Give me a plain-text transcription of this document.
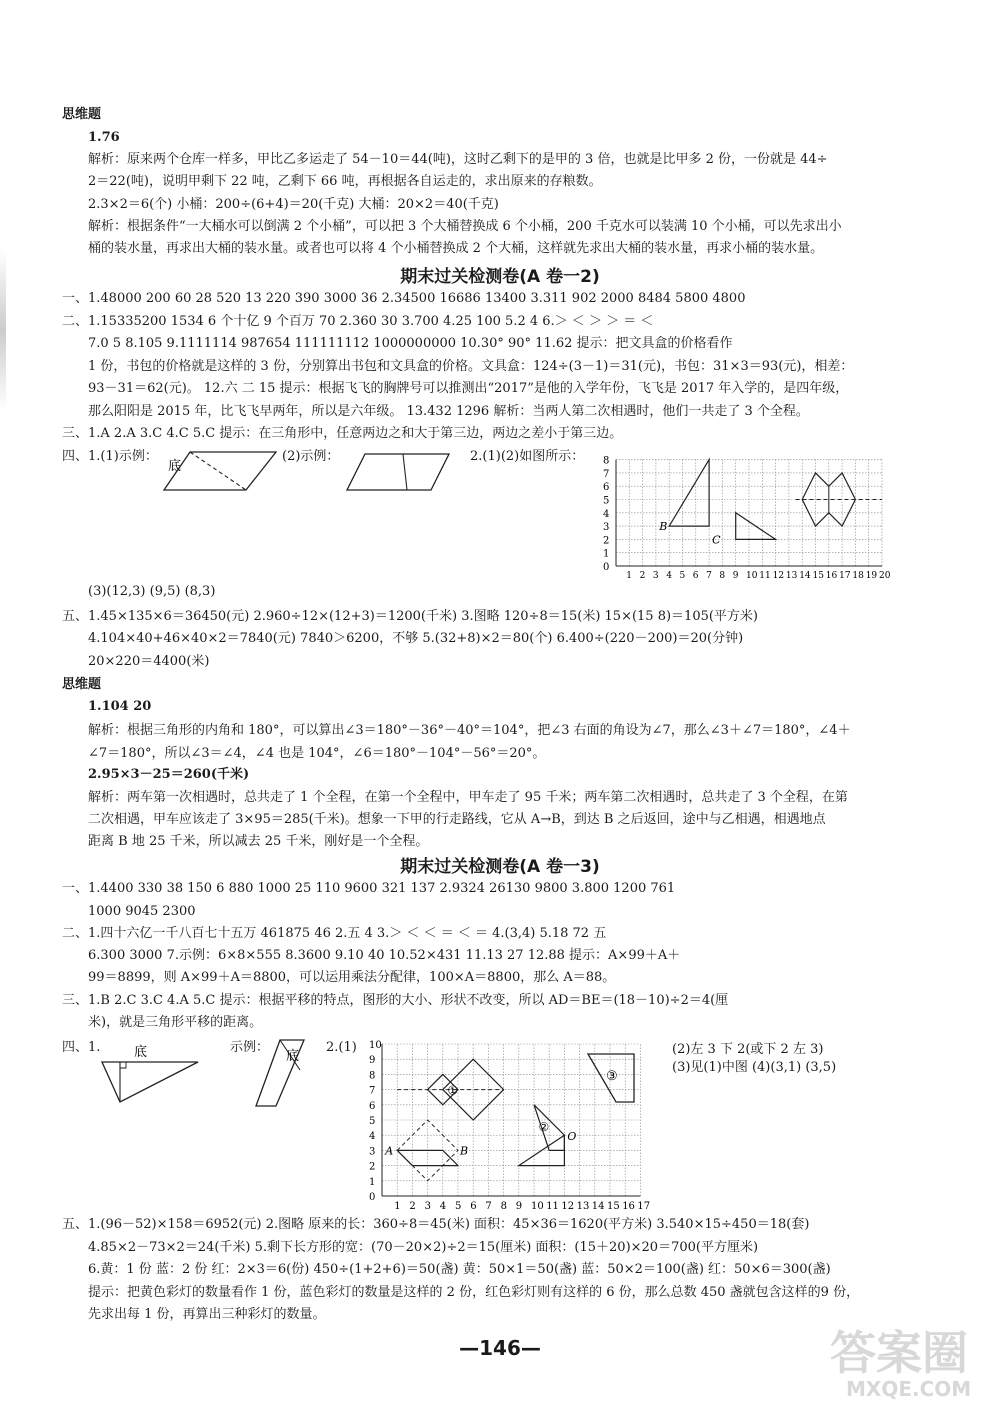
思维题
1.76
解析：原来两个仓库一样多，甲比乙多运走了 54－10＝44(吨)，这时乙剩下的是甲的 3 倍，也就是比甲多 2 份，一份就是 44÷
2＝22(吨)，说明甲剩下 22 吨，乙剩下 66 吨，再根据各自运走的，求出原来的存粮数。
2.3×2＝6(个) 小桶：200÷(6+4)＝20(千克) 大桶：20×2＝40(千克)
解析：根据条件“一大桶水可以倒满 2 个小桶”，可以把 3 个大桶替换成 6 个小桶，200 千克水可以装满 10 个小桶，可以先求出小
桶的装水量，再求出大桶的装水量。或者也可以将 4 个小桶替换成 2 个大桶，这样就先求出大桶的装水量，再求小桶的装水量。
期末过关检测卷(A 卷一2)
一、1.48000 200 60 28 520 13 220 390 3000 36 2.34500 16686 13400 3.311 902 2000 8484 5800 4800
二、1.15335200 1534 6 个十亿 9 个百万 70 2.360 30 3.700 4.25 100 5.2 4 6.＞ ＜ ＞ ＞ ＝ ＜
7.0 5 8.105 9.1111114 987654 111111112 1000000000 10.30° 90° 11.62 提示：把文具盒的价格看作
1 份，书包的价格就是这样的 3 份，分别算出书包和文具盒的价格。文具盒：124÷(3－1)＝31(元)，书包：31×3＝93(元)，相差：
93－31＝62(元)。 12.六 二 15 提示：根据飞飞的胸牌号可以推测出“2017”是他的入学年份，飞飞是 2017 年入学的，是四年级，
那么阳阳是 2015 年，比飞飞早两年，所以是六年级。 13.432 1296 解析：当两人第二次相遇时，他们一共走了 3 个全程。
三、1.A 2.A 3.C 4.C 5.C 提示：在三角形中，任意两边之和大于第三边，两边之差小于第三边。
四、1.(1)示例：	(2)示例：	2.(1)(2)如图所示：
底
0
1
2
3
4
5
6
7
8
1 2 3 4 5 6 7 8 9 10 11 12 13 14 15 16 17 18 19 20
B
C
(3)(12,3) (9,5) (8,3)
五、1.45×135×6＝36450(元) 2.960÷12×(12+3)＝1200(千米) 3.图略 120÷8＝15(米) 15×(15 8)＝105(平方米)
4.104×40+46×40×2＝7840(元) 7840＞6200，不够 5.(32+8)×2＝80(个) 6.400÷(220－200)＝20(分钟)
20×220＝4400(米)
思维题
1.104 20
解析：根据三角形的内角和 180°，可以算出∠3＝180°－36°－40°＝104°，把∠3 右面的角设为∠7，那么∠3＋∠7＝180°，∠4＋
∠7＝180°，所以∠3＝∠4，∠4 也是 104°，∠6＝180°－104°－56°＝20°。
2.95×3－25＝260(千米)
解析：两车第一次相遇时，总共走了 1 个全程，在第一个全程中，甲车走了 95 千米；两车第二次相遇时，总共走了 3 个全程，在第
二次相遇，甲车应该走了 3×95＝285(千米)。想象一下甲的行走路线，它从 A→B，到达 B 之后返回，途中与乙相遇，相遇地点
距离 B 地 25 千米，所以减去 25 千米，刚好是一个全程。
期末过关检测卷(A 卷一3)
一、1.4400 330 38 150 6 880 1000 25 110 9600 321 137 2.9324 26130 9800 3.800 1200 761
1000 9045 2300
二、1.四十六亿一千八百七十五万 461875 46 2.五 4 3.＞ ＜ ＜ ＝ ＜ ＝ 4.(3,4) 5.18 72 五
6.300 3000 7.示例：6×8×555 8.3600 9.10 40 10.52×431 11.13 27 12.88 提示：A×99＋A＋
99＝8899，则 A×99＋A＝8800，可以运用乘法分配律，100×A＝8800，那么 A＝88。
三、1.B 2.C 3.C 4.A 5.C 提示：根据平移的特点，图形的大小、形状不改变，所以 AD＝BE＝(18－10)÷2＝4(厘
米)，就是三角形平移的距离。
四、1.	底	示例：
底
2.(1)
0
1
2
3
4
5
6
7
8
9
10
1 2 3 4 5 6 7 8 9 10 11 12 13 14 15 16 17
①
A	B
②
O
(2)左 3 下 2(或下 2 左 3)
(3)见(1)中图 (4)(3,1) (3,5)
五、1.(96－52)×158＝6952(元) 2.图略 原来的长：360÷8＝45(米) 面积：45×36＝1620(平方米) 3.540×15÷450＝18(套)
4.85×2－73×2＝24(千米) 5.剩下长方形的宽：(70－20×2)÷2＝15(厘米) 面积：(15＋20)×20＝700(平方厘米)
6.黄：1 份 蓝：2 份 红：2×3＝6(份) 450÷(1+2+6)＝50(盏) 黄：50×1＝50(盏) 蓝：50×2＝100(盏) 红：50×6＝300(盏)
提示：把黄色彩灯的数量看作 1 份，蓝色彩灯的数量是这样的 2 份，红色彩灯则有这样的 6 份，那么总数 450 盏就包含这样的9 份，
先求出每 1 份，再算出三种彩灯的数量。
—146—	答案圈
MXQE.COM
③
